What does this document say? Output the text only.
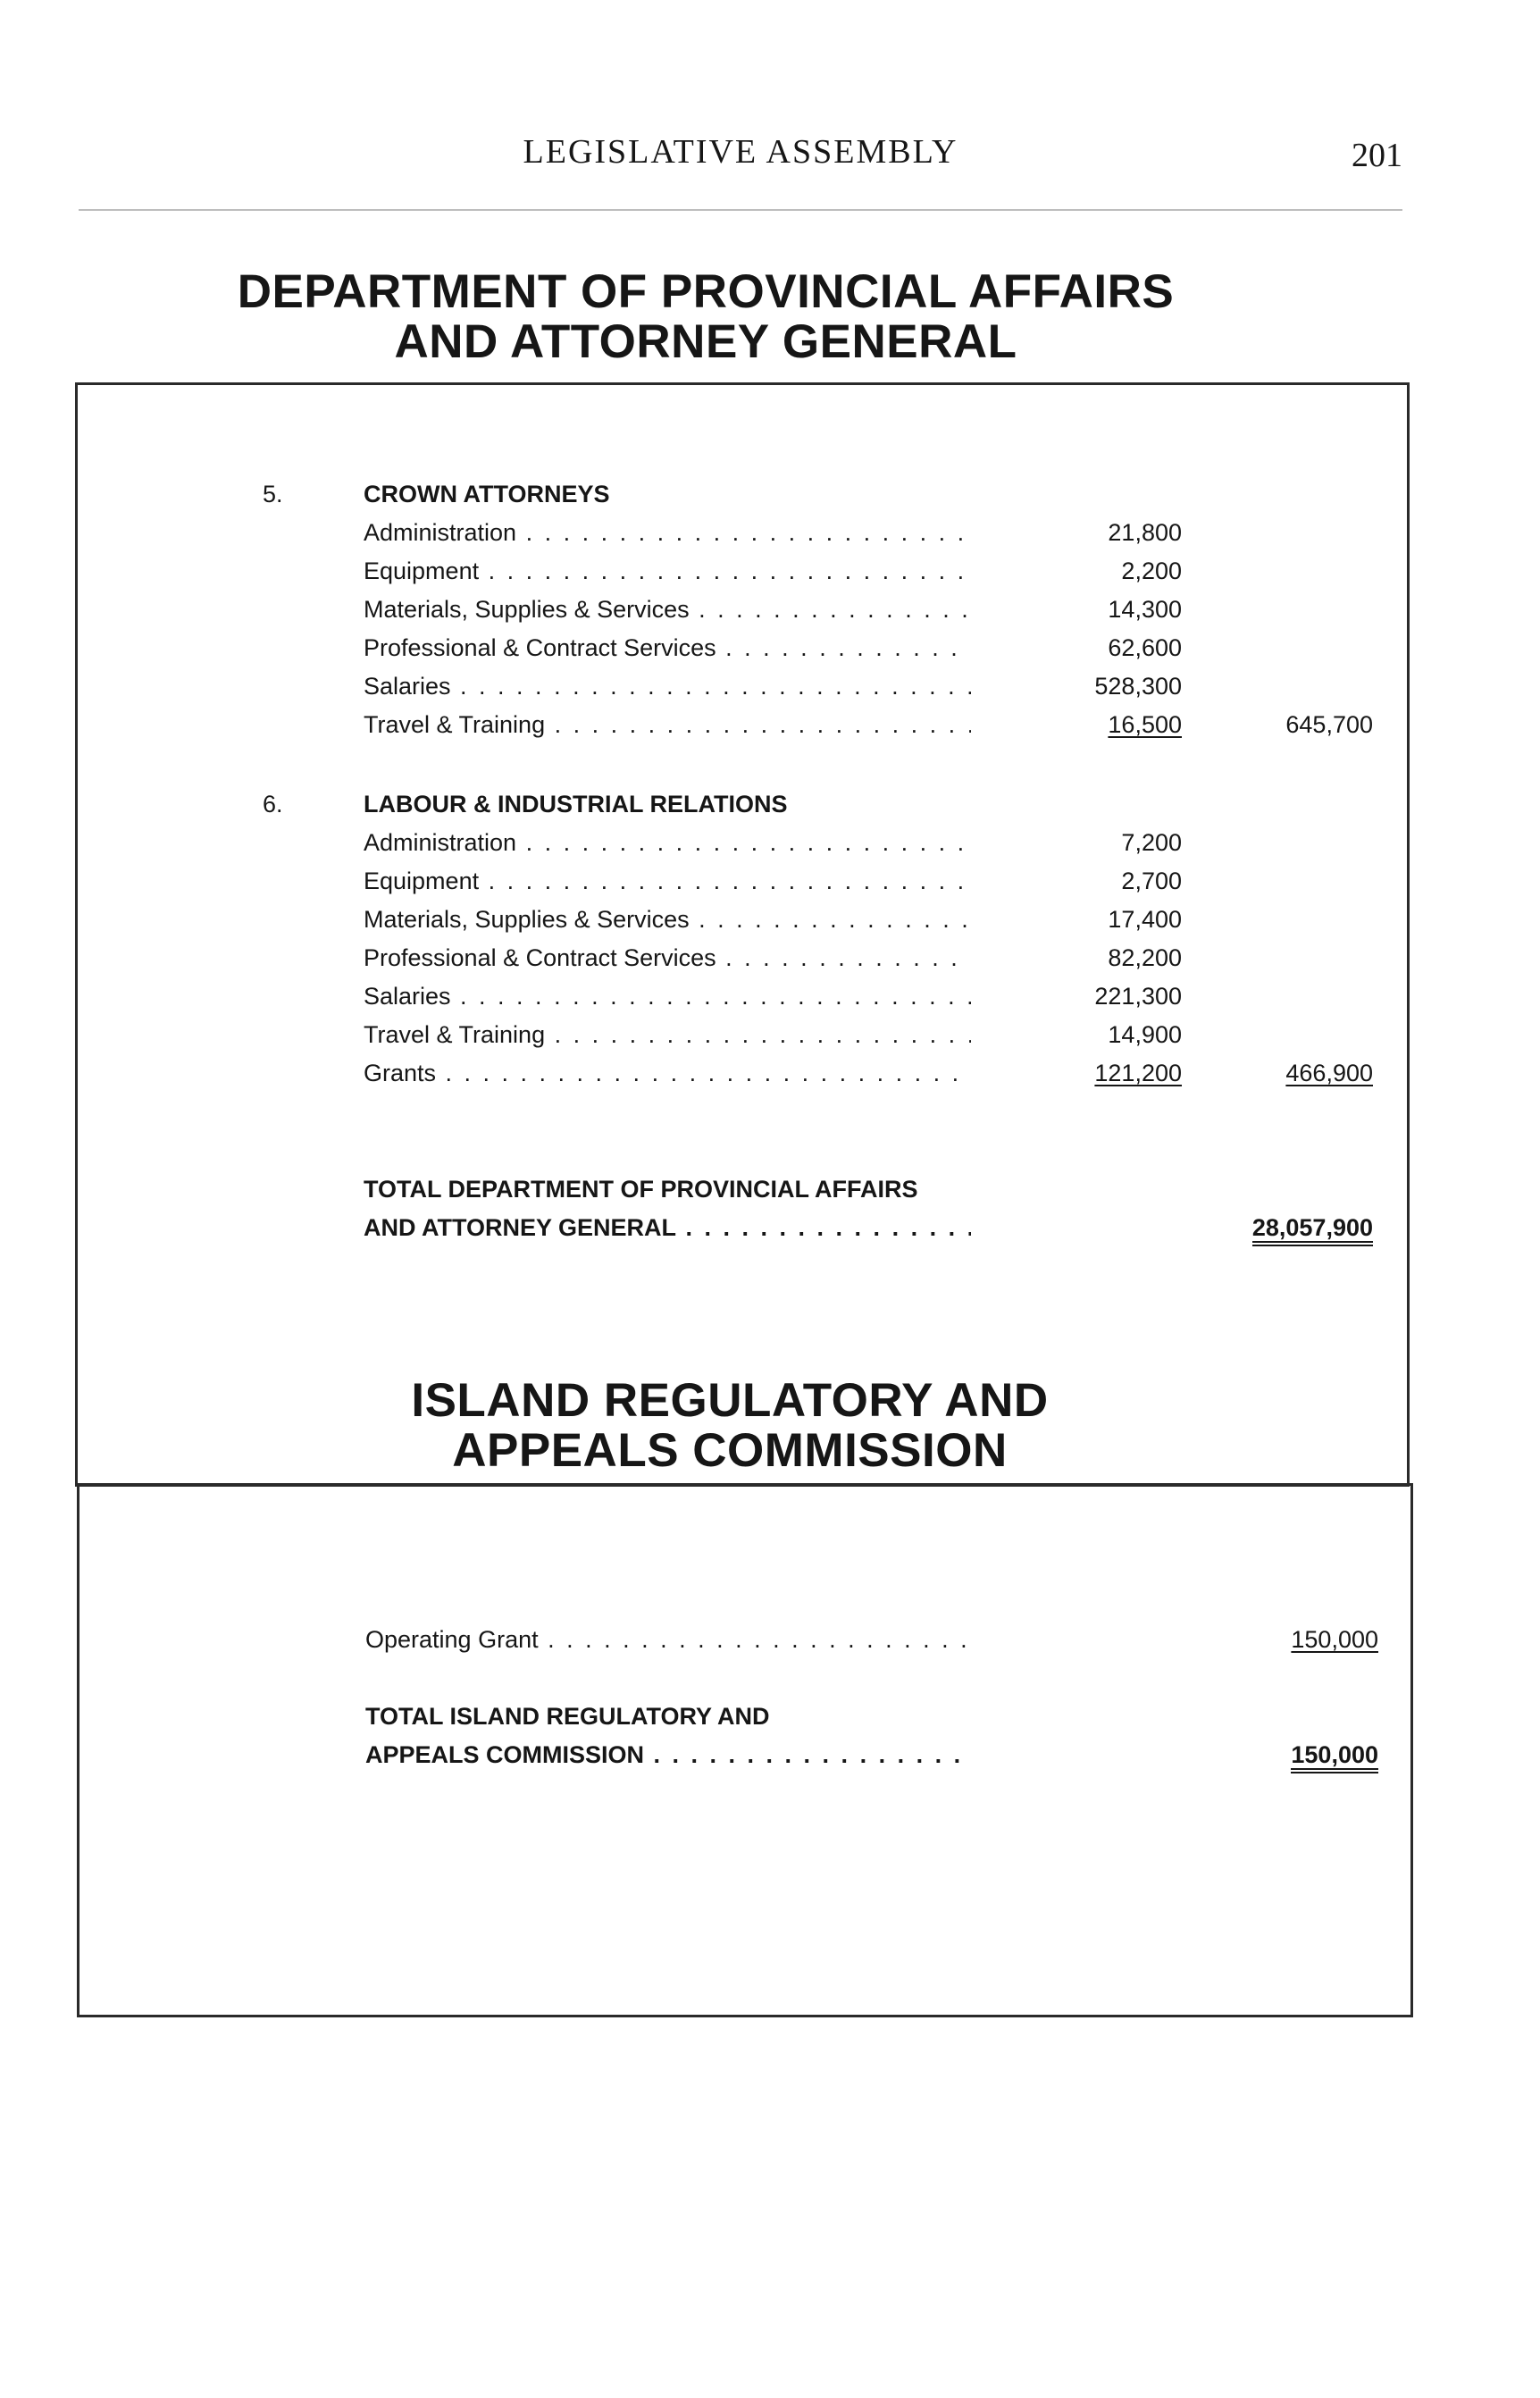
LEGISLATIVE ASSEMBLY	201
DEPARTMENT OF PROVINCIAL AFFAIRS
AND ATTORNEY GENERAL
5.	CROWN ATTORNEYS
Administration . . .	21,800
Equipment . . .	2,200
Materials, Supplies & Services . . .	14,300
Professional & Contract Services . . .	62,600
Salaries . . .	528,300
Travel & Training . . .	16,500	645,700
6.	LABOUR & INDUSTRIAL RELATIONS
Administration . . .	7,200
Equipment . . .	2,700
Materials, Supplies & Services . . .	17,400
Professional & Contract Services . . .	82,200
Salaries . . .	221,300
Travel & Training . . .	14,900
Grants . . .	121,200	466,900
TOTAL DEPARTMENT OF PROVINCIAL AFFAIRS
AND ATTORNEY GENERAL . . .	28,057,900
ISLAND REGULATORY AND
APPEALS COMMISSION
Operating Grant . . .	150,000
TOTAL ISLAND REGULATORY AND
APPEALS COMMISSION . . .	150,000
